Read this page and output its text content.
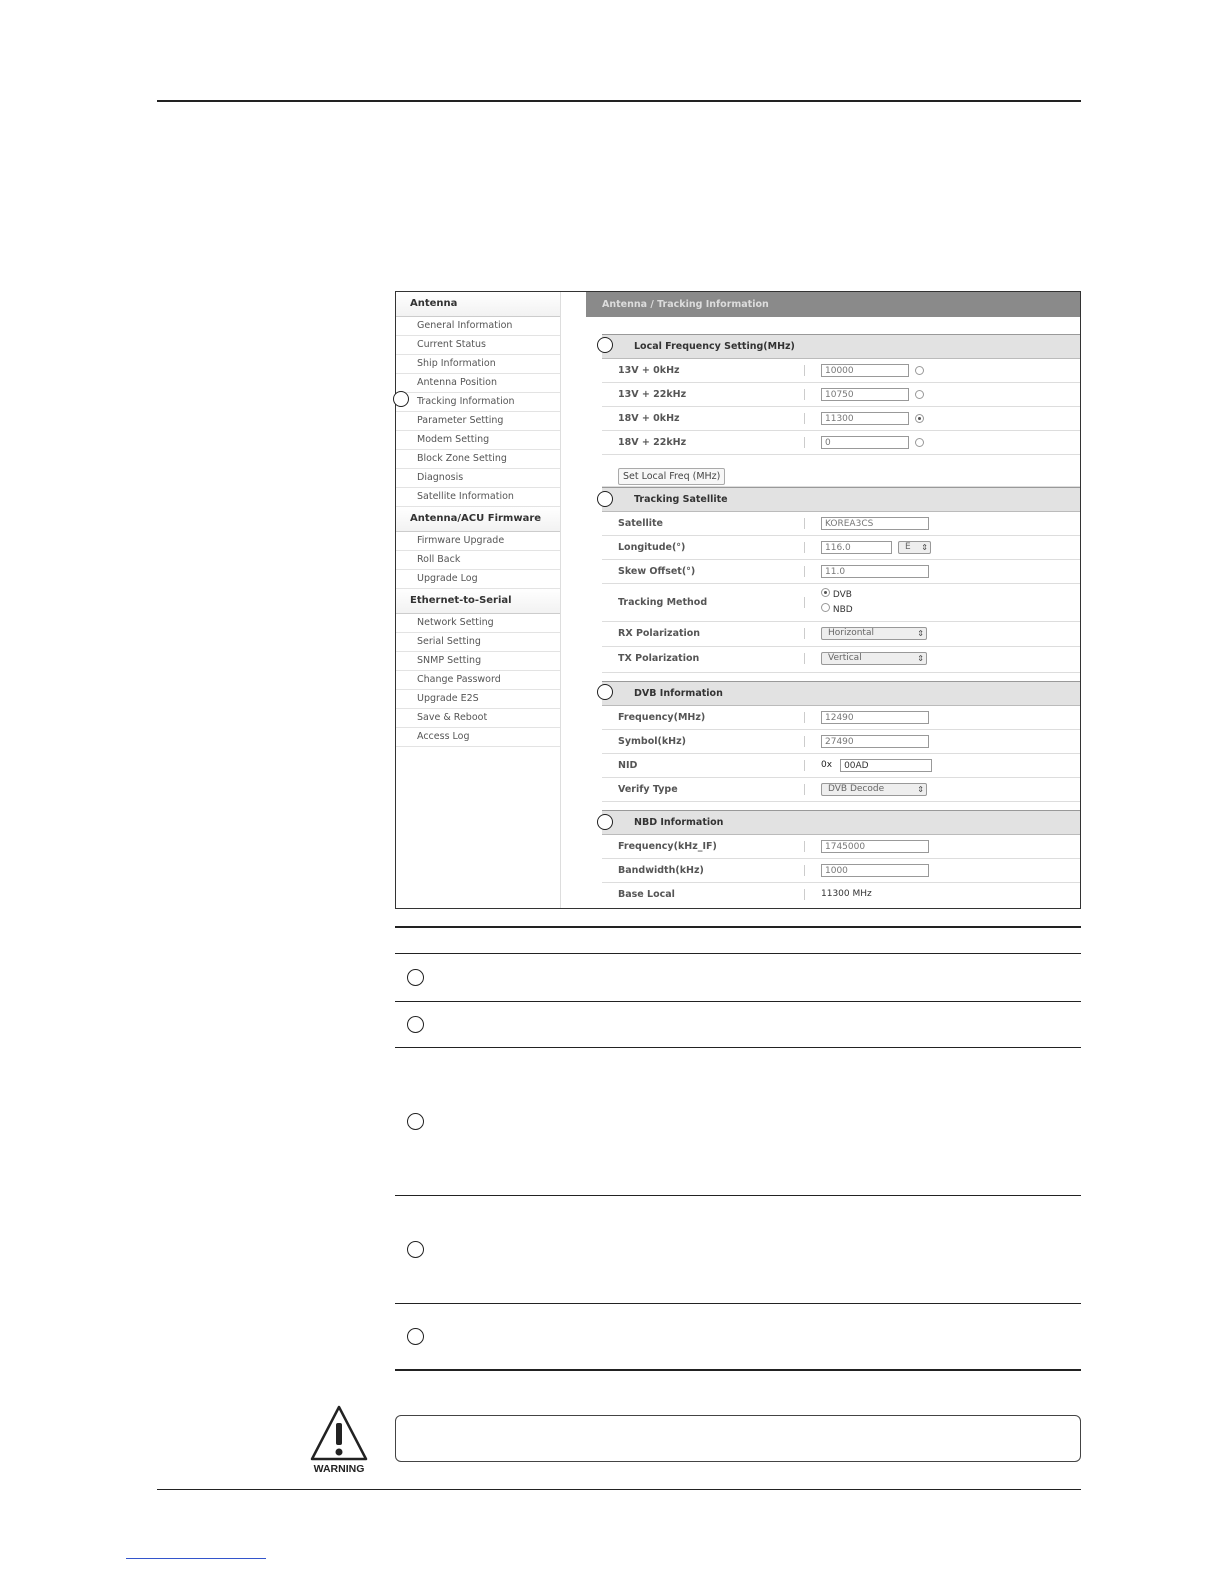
Antenna
General Information
Current Status
Ship Information
Antenna Position
Tracking Information
Parameter Setting
Modem Setting
Block Zone Setting
Diagnosis
Satellite Information
Antenna/ACU Firmware
Firmware Upgrade
Roll Back
Upgrade Log
Ethernet-to-Serial
Network Setting
Serial Setting
SNMP Setting
Change Password
Upgrade E2S
Save & Reboot
Access Log
Antenna / Tracking Information
Local Frequency Setting(MHz)
13V + 0kHz	10000
13V + 22kHz	10750
18V + 0kHz	11300
18V + 22kHz	0
Set Local Freq (MHz)
Tracking Satellite
Satellite	KOREA3CS
Longitude(°)	116.0	E ⇕
Skew Offset(°)	11.0
Tracking Method
DVB
NBD
RX Polarization	Horizontal	⇕
TX Polarization	Vertical	⇕
DVB Information
Frequency(MHz)	12490
Symbol(kHz)	27490
NID	0x	00AD
Verify Type	DVB Decode	⇕
NBD Information
Frequency(kHz_IF)	1745000
Bandwidth(kHz)	1000
Base Local	11300 MHz
WARNING
